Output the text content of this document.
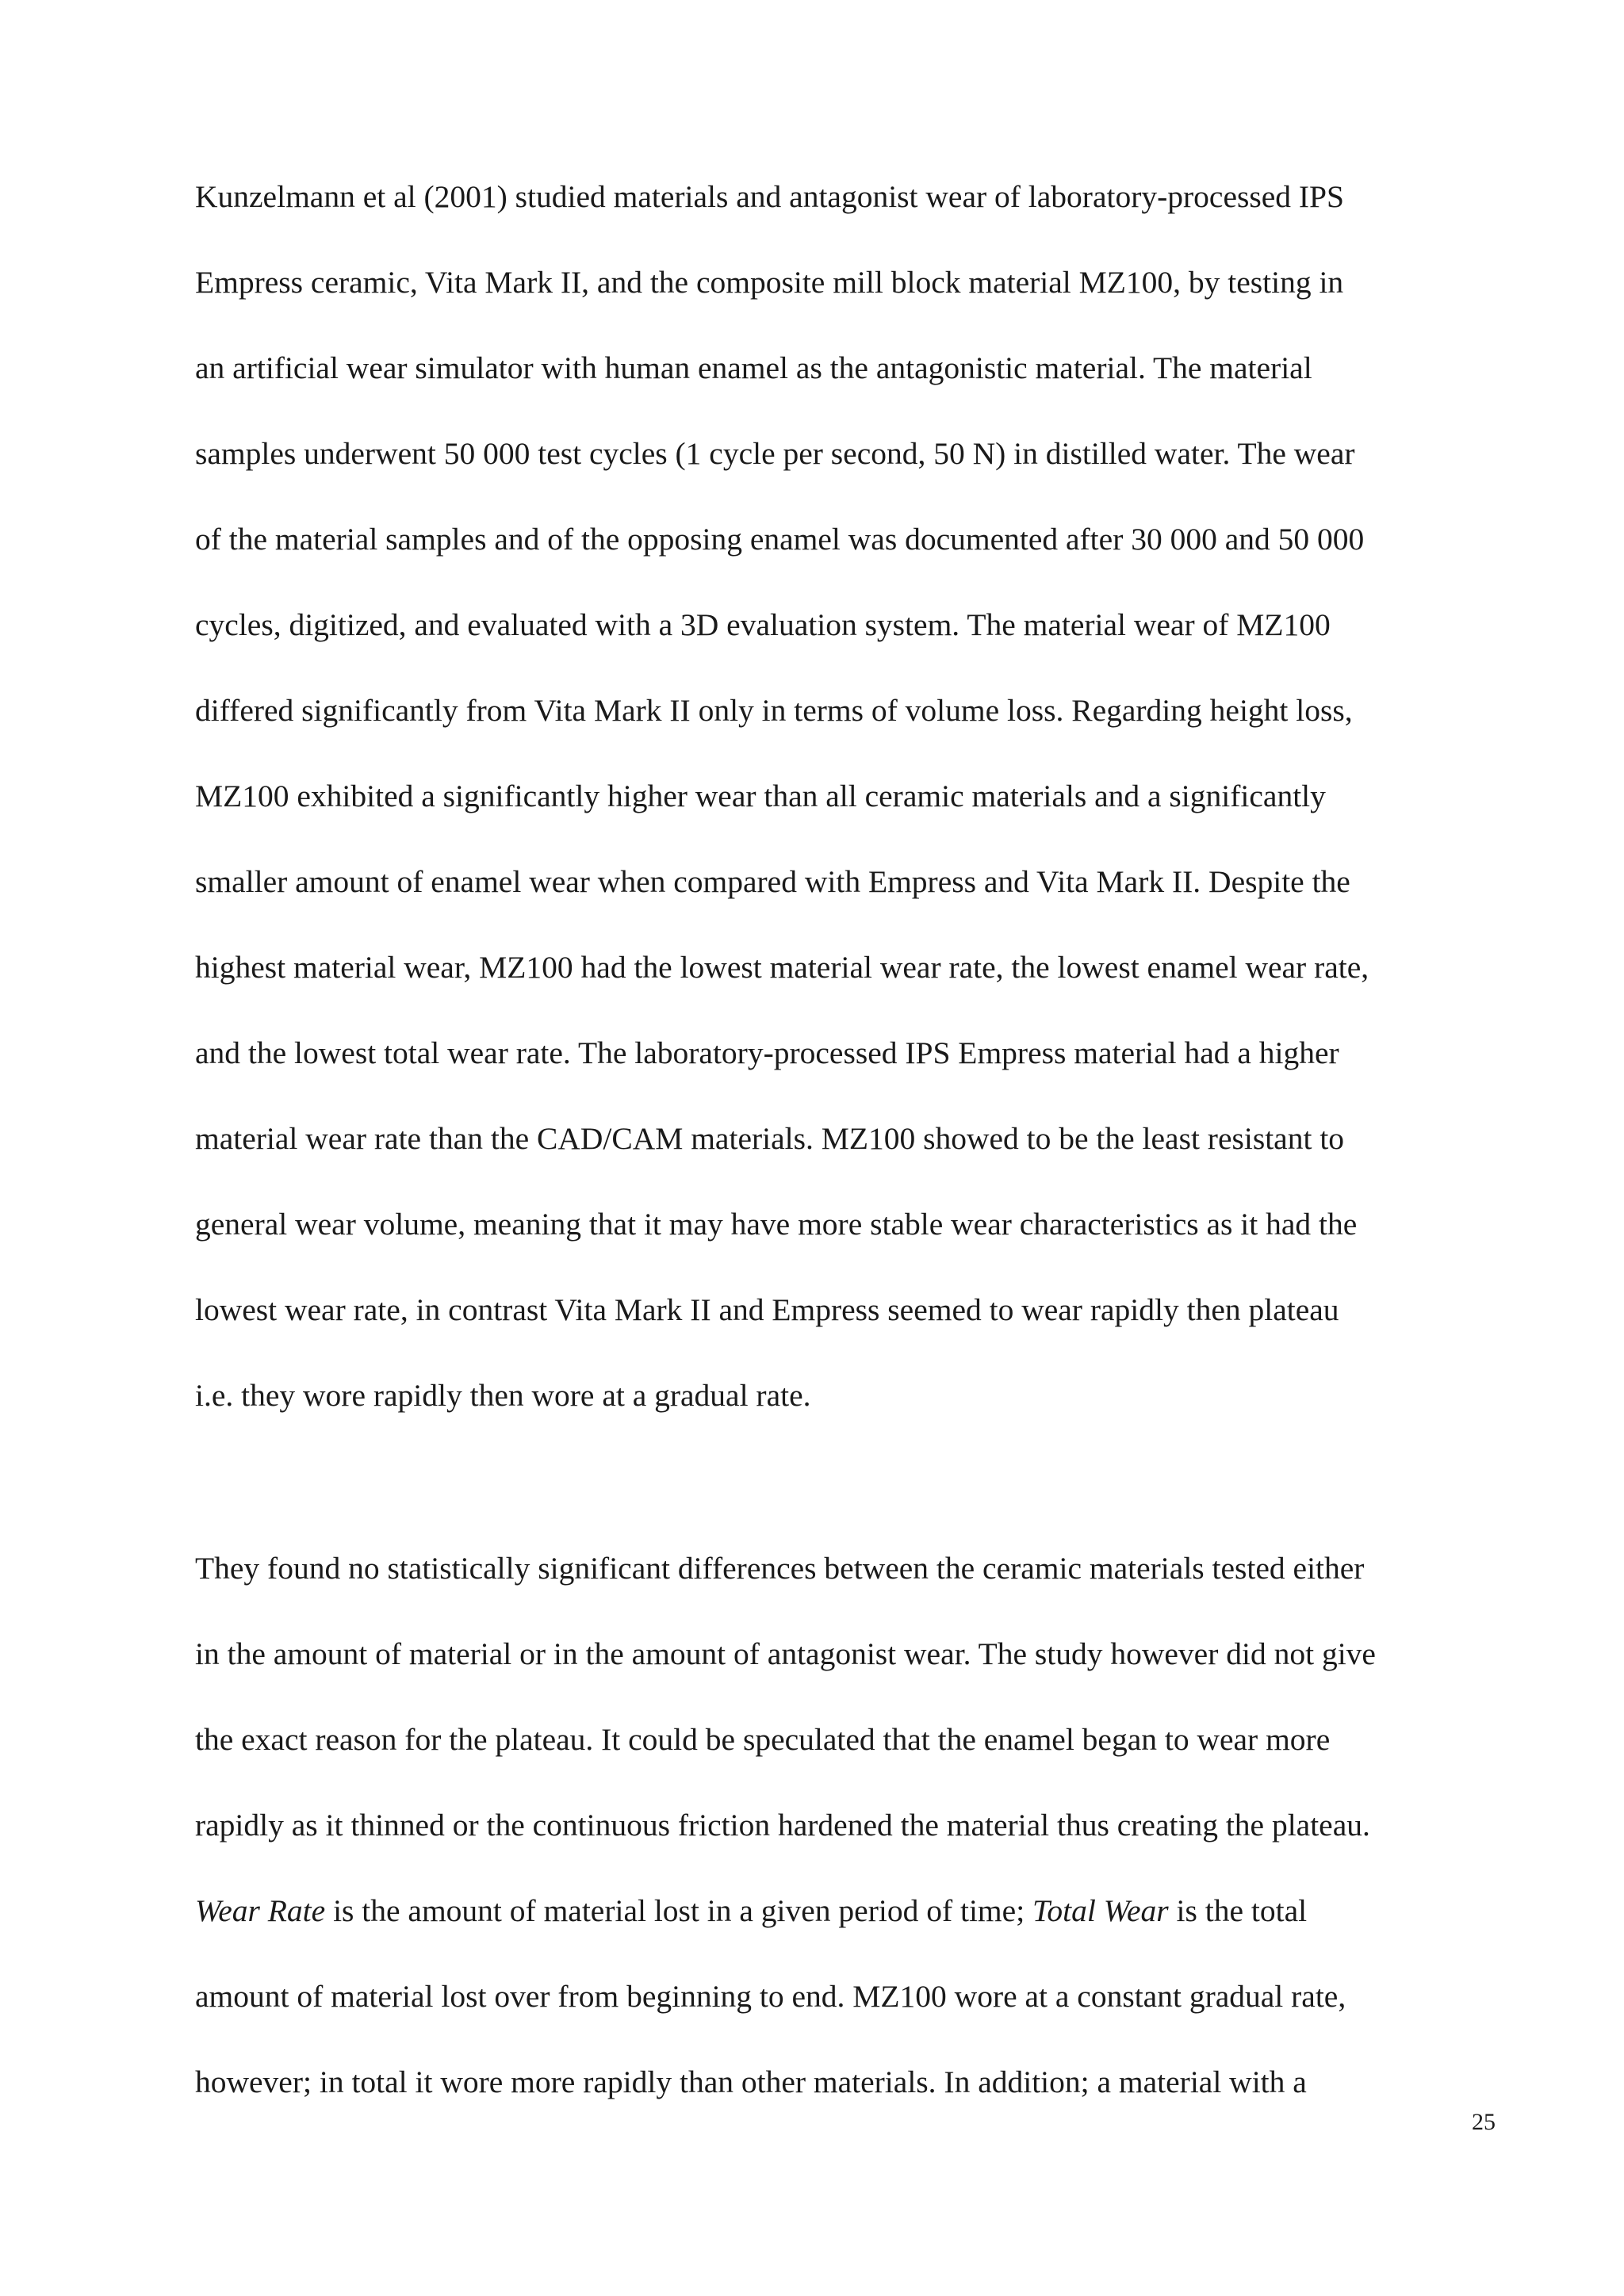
Kunzelmann et al (2001) studied materials and antagonist wear of laboratory-processed IPS
Empress ceramic, Vita Mark II, and the composite mill block material MZ100, by testing in
an artificial wear simulator with human enamel as the antagonistic material. The material
samples underwent 50 000 test cycles (1 cycle per second, 50 N) in distilled water. The wear
of the material samples and of the opposing enamel was documented after 30 000 and 50 000
cycles, digitized, and evaluated with a 3D evaluation system. The material wear of MZ100
differed significantly from Vita Mark II only in terms of volume loss. Regarding height loss,
MZ100 exhibited a significantly higher wear than all ceramic materials and a significantly
smaller amount of enamel wear when compared with Empress and Vita Mark II. Despite the
highest material wear, MZ100 had the lowest material wear rate, the lowest enamel wear rate,
and the lowest total wear rate. The laboratory-processed IPS Empress material had a higher
material wear rate than the CAD/CAM materials. MZ100 showed to be the least resistant to
general wear volume, meaning that it may have more stable wear characteristics as it had the
lowest wear rate, in contrast Vita Mark II and Empress seemed to wear rapidly then plateau
i.e. they wore rapidly then wore at a gradual rate.
They found no statistically significant differences between the ceramic materials tested either
in the amount of material or in the amount of antagonist wear. The study however did not give
the exact reason for the plateau. It could be speculated that the enamel began to wear more
rapidly as it thinned or the continuous friction hardened the material thus creating the plateau.
Wear Rate is the amount of material lost in a given period of time; Total Wear is the total
amount of material lost over from beginning to end. MZ100 wore at a constant gradual rate,
however; in total it wore more rapidly than other materials. In addition; a material with a
25
